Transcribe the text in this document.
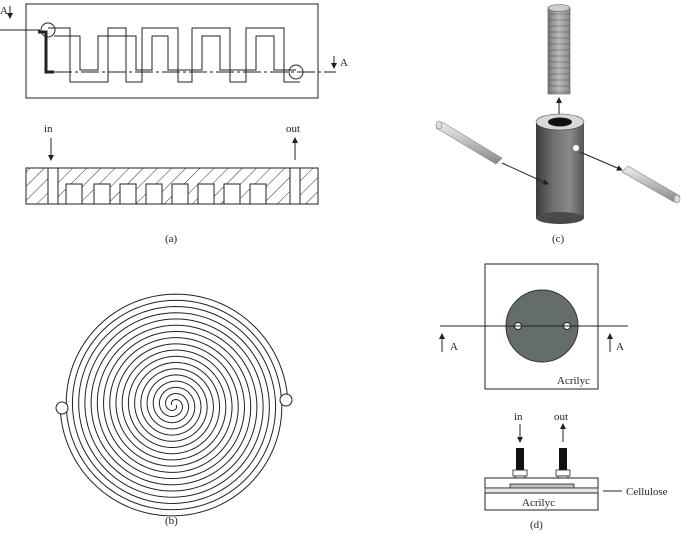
A
A
in	out
(a)
(b)
(c)
A	A
Acrilyc
in	out
Acrilyc
Cellulose
(d)
